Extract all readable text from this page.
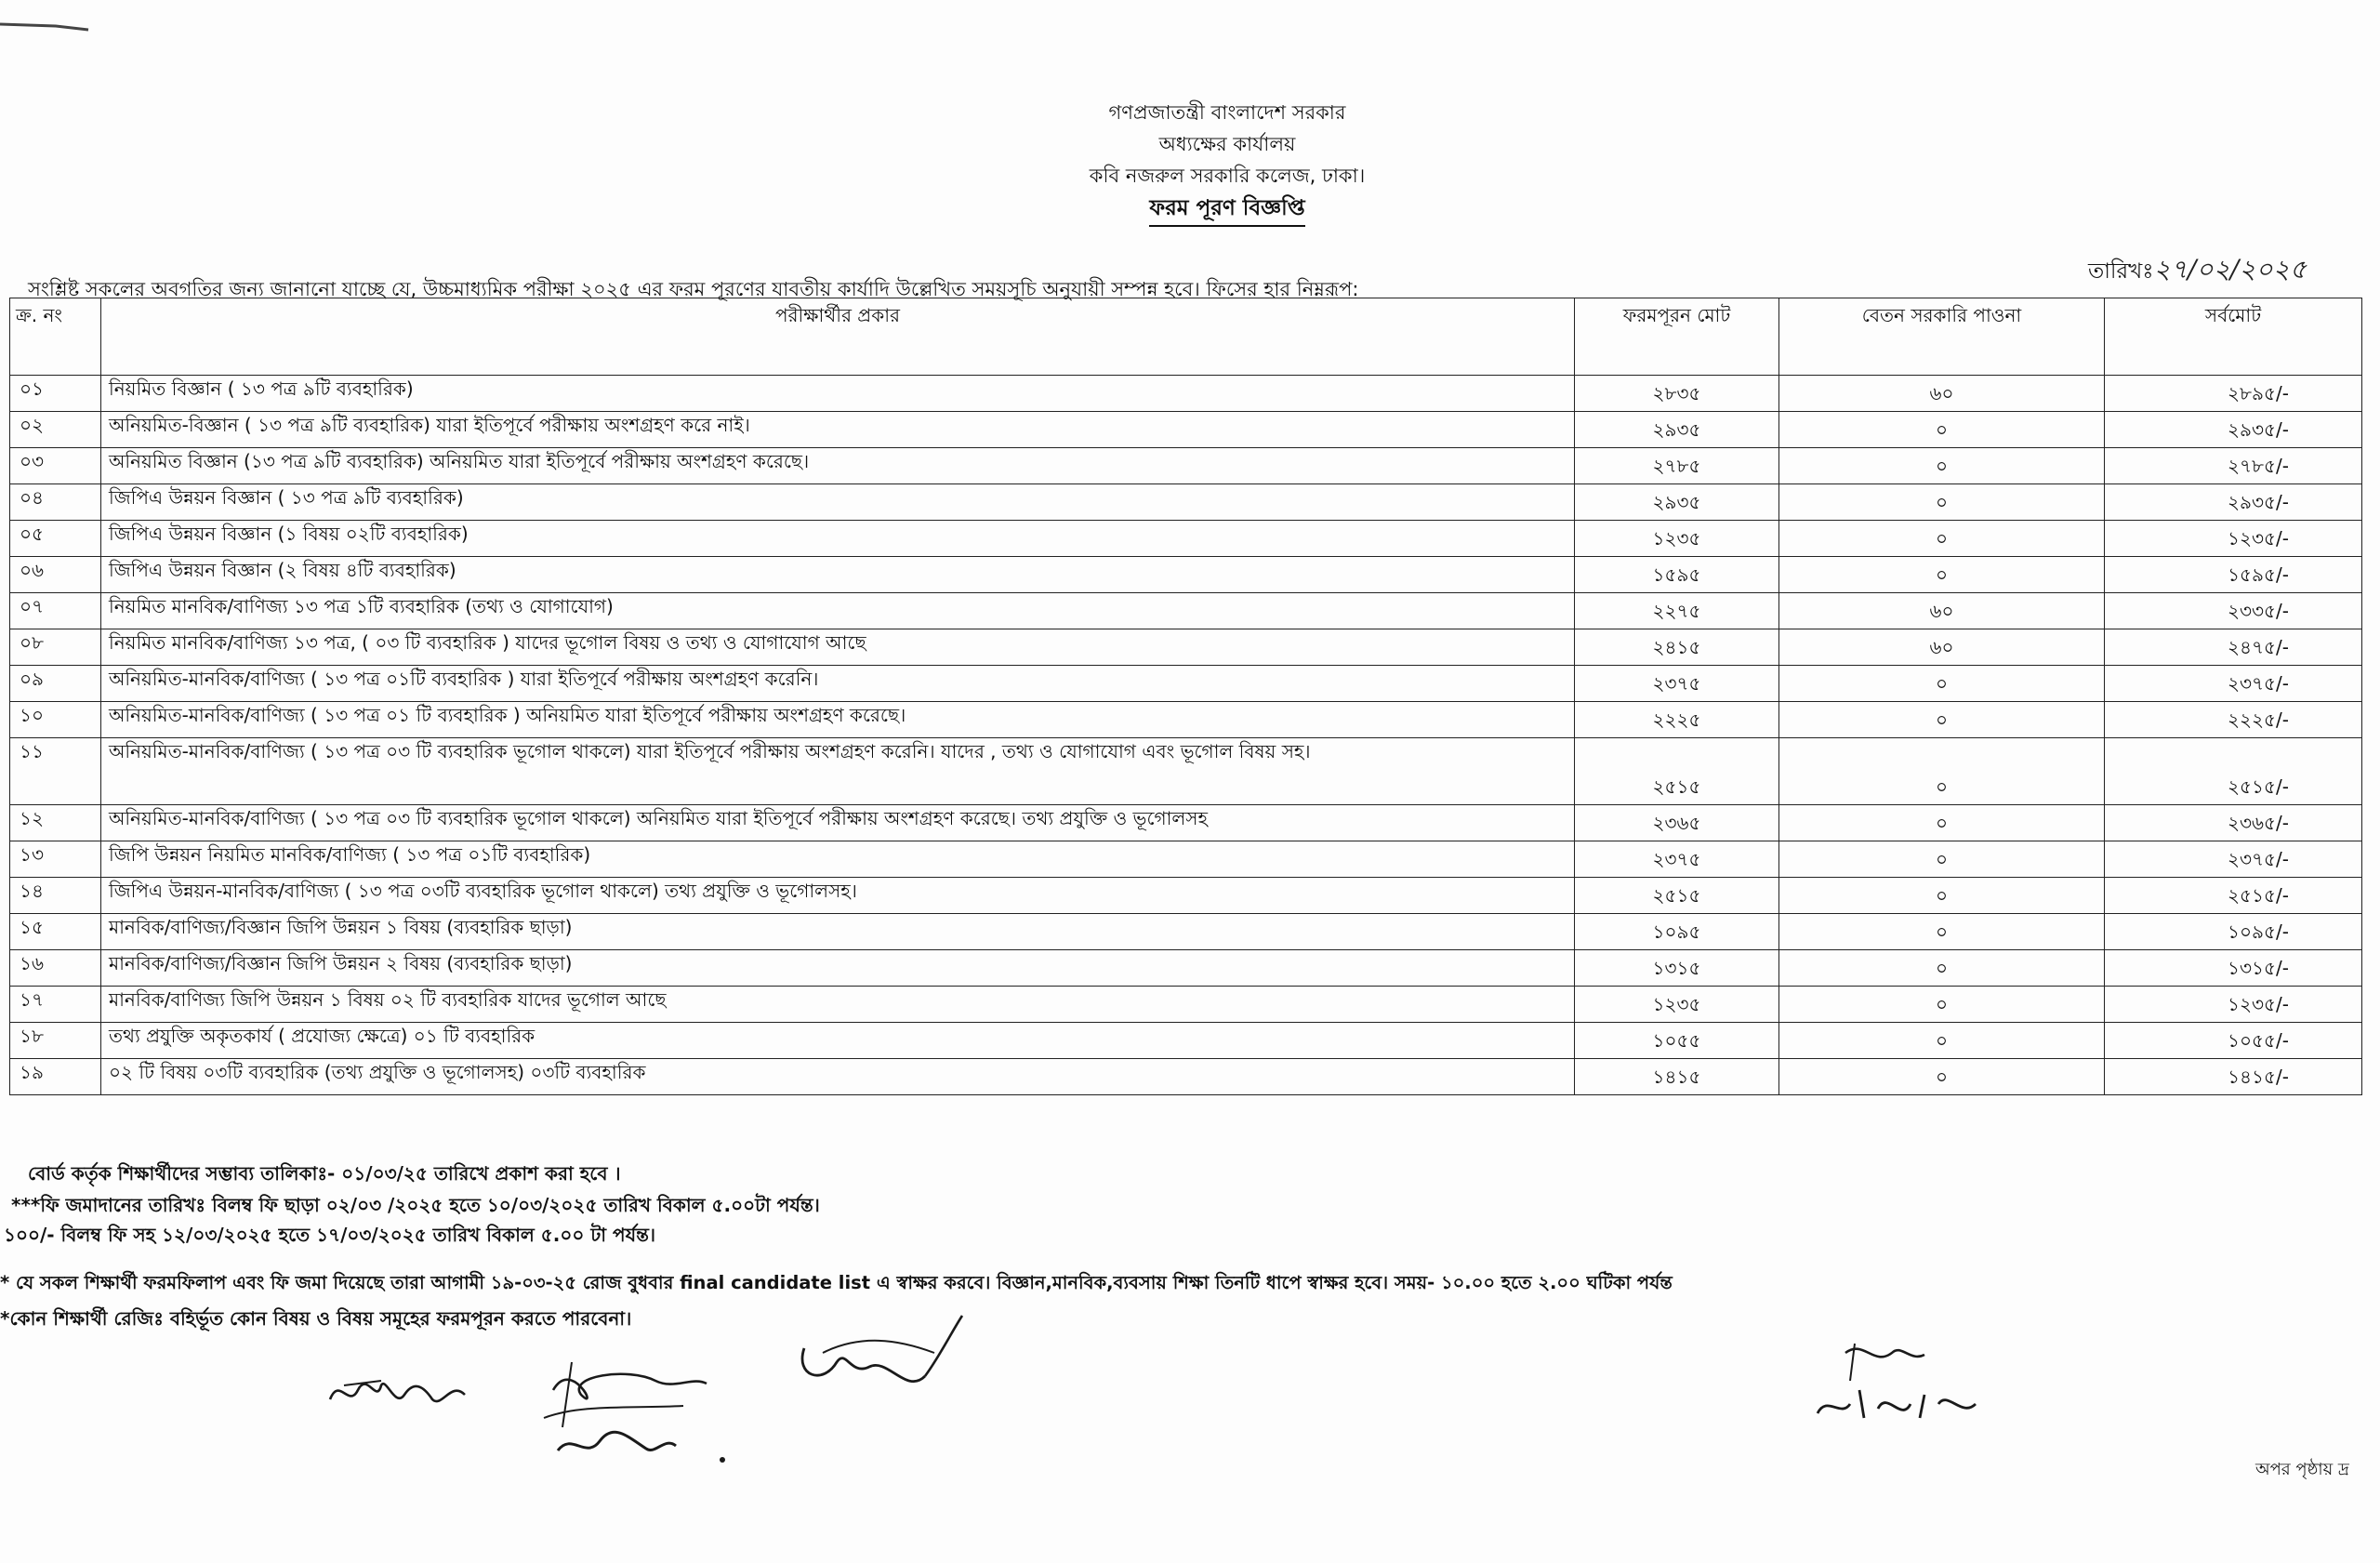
গণপ্রজাতন্ত্রী বাংলাদেশ সরকার
অধ্যক্ষের কার্যালয়
কবি নজরুল সরকারি কলেজ, ঢাকা।
ফরম পূরণ বিজ্ঞপ্তি
তারিখঃ২৭/০২/২০২৫
সংশ্লিষ্ট সকলের অবগতির জন্য জানানো যাচ্ছে যে, উচ্চমাধ্যমিক পরীক্ষা ২০২৫ এর ফরম পূরণের যাবতীয় কার্যাদি উল্লেখিত সময়সূচি অনুযায়ী সম্পন্ন হবে। ফিসের হার নিম্নরূপ:
ক্র. নং	পরীক্ষার্থীর প্রকার	ফরমপূরন মোট	বেতন সরকারি পাওনা	সর্বমোট
০১	নিয়মিত বিজ্ঞান ( ১৩ পত্র ৯টি ব্যবহারিক)	২৮৩৫	৬০	২৮৯৫/-
০২	অনিয়মিত-বিজ্ঞান ( ১৩ পত্র ৯টি ব্যবহারিক) যারা ইতিপূর্বে পরীক্ষায় অংশগ্রহণ করে নাই।	২৯৩৫	০	২৯৩৫/-
০৩	অনিয়মিত বিজ্ঞান (১৩ পত্র ৯টি ব্যবহারিক) অনিয়মিত যারা ইতিপূর্বে পরীক্ষায় অংশগ্রহণ করেছে।	২৭৮৫	০	২৭৮৫/-
০৪	জিপিএ উন্নয়ন বিজ্ঞান ( ১৩ পত্র ৯টি ব্যবহারিক)	২৯৩৫	০	২৯৩৫/-
০৫	জিপিএ উন্নয়ন বিজ্ঞান (১ বিষয় ০২টি ব্যবহারিক)	১২৩৫	০	১২৩৫/-
০৬	জিপিএ উন্নয়ন বিজ্ঞান (২ বিষয় ৪টি ব্যবহারিক)	১৫৯৫	০	১৫৯৫/-
০৭	নিয়মিত মানবিক/বাণিজ্য ১৩ পত্র ১টি ব্যবহারিক (তথ্য ও যোগাযোগ)	২২৭৫	৬০	২৩৩৫/-
০৮	নিয়মিত মানবিক/বাণিজ্য ১৩ পত্র, ( ০৩ টি ব্যবহারিক ) যাদের ভূগোল বিষয় ও তথ্য ও যোগাযোগ আছে	২৪১৫	৬০	২৪৭৫/-
০৯	অনিয়মিত-মানবিক/বাণিজ্য ( ১৩ পত্র ০১টি ব্যবহারিক ) যারা ইতিপূর্বে পরীক্ষায় অংশগ্রহণ করেনি।	২৩৭৫	০	২৩৭৫/-
১০	অনিয়মিত-মানবিক/বাণিজ্য ( ১৩ পত্র ০১ টি ব্যবহারিক ) অনিয়মিত যারা ইতিপূর্বে পরীক্ষায় অংশগ্রহণ করেছে।	২২২৫	০	২২২৫/-
১১	অনিয়মিত-মানবিক/বাণিজ্য ( ১৩ পত্র ০৩ টি ব্যবহারিক ভূগোল থাকলে) যারা ইতিপূর্বে পরীক্ষায় অংশগ্রহণ করেনি। যাদের , তথ্য ও যোগাযোগ এবং ভূগোল বিষয় সহ।	২৫১৫	০	২৫১৫/-
১২	অনিয়মিত-মানবিক/বাণিজ্য ( ১৩ পত্র ০৩ টি ব্যবহারিক ভূগোল থাকলে) অনিয়মিত যারা ইতিপূর্বে পরীক্ষায় অংশগ্রহণ করেছে। তথ্য প্রযুক্তি ও ভূগোলসহ	২৩৬৫	০	২৩৬৫/-
১৩	জিপি উন্নয়ন নিয়মিত মানবিক/বাণিজ্য ( ১৩ পত্র ০১টি ব্যবহারিক)	২৩৭৫	০	২৩৭৫/-
১৪	জিপিএ উন্নয়ন-মানবিক/বাণিজ্য ( ১৩ পত্র ০৩টি ব্যবহারিক ভূগোল থাকলে) তথ্য প্রযুক্তি ও ভূগোলসহ।	২৫১৫	০	২৫১৫/-
১৫	মানবিক/বাণিজ্য/বিজ্ঞান জিপি উন্নয়ন ১ বিষয় (ব্যবহারিক ছাড়া)	১০৯৫	০	১০৯৫/-
১৬	মানবিক/বাণিজ্য/বিজ্ঞান জিপি উন্নয়ন ২ বিষয় (ব্যবহারিক ছাড়া)	১৩১৫	০	১৩১৫/-
১৭	মানবিক/বাণিজ্য জিপি উন্নয়ন ১ বিষয় ০২ টি ব্যবহারিক যাদের ভূগোল আছে	১২৩৫	০	১২৩৫/-
১৮	তথ্য প্রযুক্তি অকৃতকার্য ( প্রযোজ্য ক্ষেত্রে) ০১ টি ব্যবহারিক	১০৫৫	০	১০৫৫/-
১৯	০২ টি বিষয় ০৩টি ব্যবহারিক (তথ্য প্রযুক্তি ও ভূগোলসহ) ০৩টি ব্যবহারিক	১৪১৫	০	১৪১৫/-
বোর্ড কর্তৃক শিক্ষার্থীদের সম্ভাব্য তালিকাঃ- ০১/০৩/২৫ তারিখে প্রকাশ করা হবে ।
***ফি জমাদানের তারিখঃ বিলম্ব ফি ছাড়া ০২/০৩ /২০২৫ হতে ১০/০৩/২০২৫ তারিখ বিকাল ৫.০০টা পর্যন্ত।
১০০/- বিলম্ব ফি সহ ১২/০৩/২০২৫ হতে ১৭/০৩/২০২৫ তারিখ বিকাল ৫.০০ টা পর্যন্ত।
* যে সকল শিক্ষার্থী ফরমফিলাপ এবং ফি জমা দিয়েছে তারা আগামী ১৯-০৩-২৫ রোজ বুধবার final candidate list এ স্বাক্ষর করবে। বিজ্ঞান,মানবিক,ব্যবসায় শিক্ষা তিনটি ধাপে স্বাক্ষর হবে। সময়- ১০.০০ হতে ২.০০ ঘটিকা পর্যন্ত
*কোন শিক্ষার্থী রেজিঃ বহির্ভূত কোন বিষয় ও বিষয় সমূহের ফরমপূরন করতে পারবেনা।
অপর পৃষ্ঠায় দ্র
